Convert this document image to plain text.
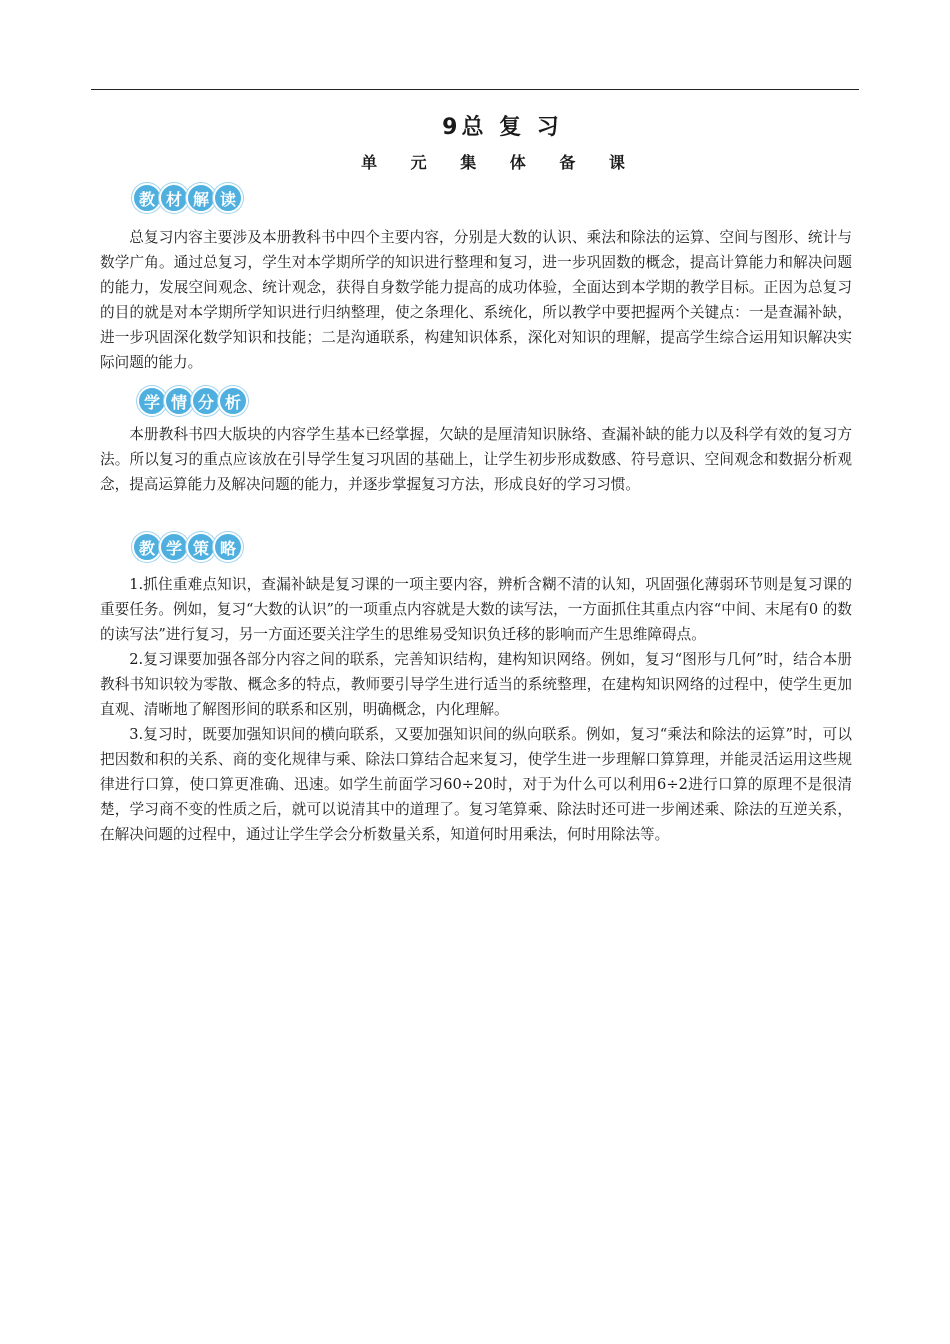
9总 复 习
单 元 集 体 备 课
教 材 解 读

总复习内容主要涉及本册教科书中四个主要内容，分别是大数的认识、乘法和除法的运算、空间与图形、统计与数学广角。通过总复习，学生对本学期所学的知识进行整理和复习，进一步巩固数的概念，提高计算能力和解决问题的能力，发展空间观念、统计观念，获得自身数学能力提高的成功体验，全面达到本学期的教学目标。正因为总复习的目的就是对本学期所学知识进行归纳整理，使之条理化、系统化，所以教学中要把握两个关键点：一是查漏补缺，进一步巩固深化数学知识和技能；二是沟通联系，构建知识体系，深化对知识的理解，提高学生综合运用知识解决实际问题的能力。

学 情 分 析

本册教科书四大版块的内容学生基本已经掌握，欠缺的是厘清知识脉络、查漏补缺的能力以及科学有效的复习方法。所以复习的重点应该放在引导学生复习巩固的基础上，让学生初步形成数感、符号意识、空间观念和数据分析观念，提高运算能力及解决问题的能力，并逐步掌握复习方法，形成良好的学习习惯。

教 学 策 略

1.抓住重难点知识，查漏补缺是复习课的一项主要内容，辨析含糊不清的认知，巩固强化薄弱环节则是复习课的重要任务。例如，复习“大数的认识”的一项重点内容就是大数的读写法，一方面抓住其重点内容“中间、末尾有0 的数的读写法”进行复习，另一方面还要关注学生的思维易受知识负迁移的影响而产生思维障碍点。

2.复习课要加强各部分内容之间的联系，完善知识结构，建构知识网络。例如，复习“图形与几何”时，结合本册教科书知识较为零散、概念多的特点，教师要引导学生进行适当的系统整理，在建构知识网络的过程中，使学生更加直观、清晰地了解图形间的联系和区别，明确概念，内化理解。

3.复习时，既要加强知识间的横向联系，又要加强知识间的纵向联系。例如，复习“乘法和除法的运算”时，可以把因数和积的关系、商的变化规律与乘、除法口算结合起来复习，使学生进一步理解口算算理，并能灵活运用这些规律进行口算，使口算更准确、迅速。如学生前面学习60÷20时，对于为什么可以利用6÷2进行口算的原理不是很清楚，学习商不变的性质之后，就可以说清其中的道理了。复习笔算乘、除法时还可进一步阐述乘、除法的互逆关系，在解决问题的过程中，通过让学生学会分析数量关系，知道何时用乘法，何时用除法等。
